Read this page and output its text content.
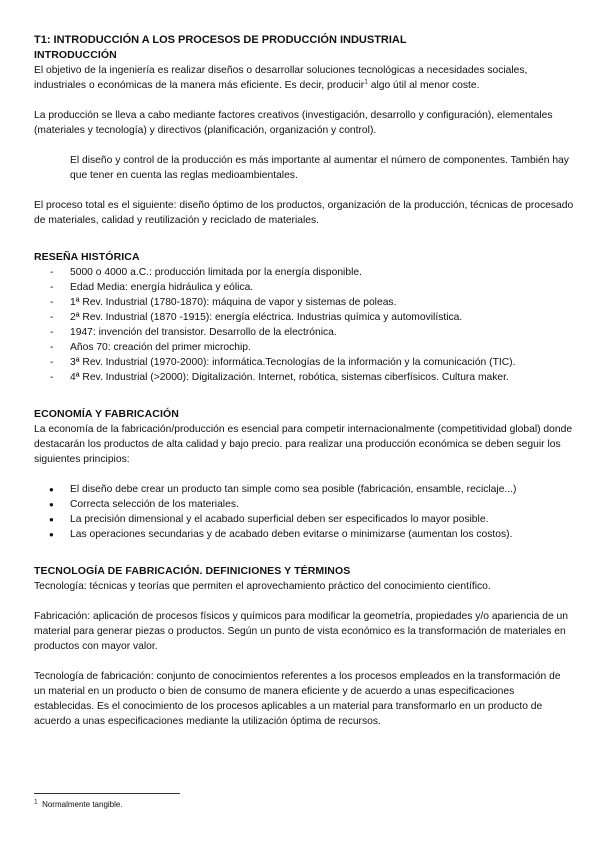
T1: INTRODUCCIÓN A LOS PROCESOS DE PRODUCCIÓN INDUSTRIAL
INTRODUCCIÓN

El objetivo de la ingeniería es realizar diseños o desarrollar soluciones tecnológicas a necesidades sociales, industriales o económicas de la manera más eficiente. Es decir, producir$^1$ algo útil al menor coste.

La producción se lleva a cabo mediante factores creativos (investigación, desarrollo y configuración), elementales (materiales y tecnología) y directivos (planificación, organización y control).

El diseño y control de la producción es más importante al aumentar el número de componentes. También hay que tener en cuenta las reglas medioambientales.

El proceso total es el siguiente: diseño óptimo de los productos, organización de la producción, técnicas de procesado de materiales, calidad y reutilización y reciclado de materiales.

RESEÑA HISTÓRICA
- 5000 o 4000 a.C.: producción limitada por la energía disponible.
- Edad Media: energía hidráulica y eólica.
- 1ª Rev. Industrial (1780-1870): máquina de vapor y sistemas de poleas.
- 2ª Rev. Industrial (1870 -1915): energía eléctrica. Industrias química y automovilística.
- 1947: invención del transistor. Desarrollo de la electrónica.
- Años 70: creación del primer microchip.
- 3ª Rev. Industrial (1970-2000): informática.Tecnologías de la información y la comunicación (TIC).
- 4ª Rev. Industrial (>2000): Digitalización. Internet, robótica, sistemas ciberfísicos. Cultura maker.
ECONOMÍA Y FABRICACIÓN

La economía de la fabricación/producción es esencial para competir internacionalmente (competitividad global) donde destacarán los productos de alta calidad y bajo precio. para realizar una producción económica se deben seguir los siguientes principios:

● El diseño debe crear un producto tan simple como sea posible (fabricación, ensamble, reciclaje...)
● Correcta selección de los materiales.
● La precisión dimensional y el acabado superficial deben ser especificados lo mayor posible.
● Las operaciones secundarias y de acabado deben evitarse o minimizarse (aumentan los costos).
TECNOLOGÍA DE FABRICACIÓN. DEFINICIONES Y TÉRMINOS

Tecnología: técnicas y teorías que permiten el aprovechamiento práctico del conocimiento científico.

Fabricación: aplicación de procesos físicos y químicos para modificar la geometría, propiedades y/o apariencia de un material para generar piezas o productos. Según un punto de vista económico es la transformación de materiales en productos con mayor valor.

Tecnología de fabricación: conjunto de conocimientos referentes a los procesos empleados en la transformación de un material en un producto o bien de consumo de manera eficiente y de acuerdo a unas especificaciones establecidas. Es el conocimiento de los procesos aplicables a un material para transformarlo en un producto de acuerdo a unas especificaciones mediante la utilización óptima de recursos.

$^1$ Normalmente tangible.
